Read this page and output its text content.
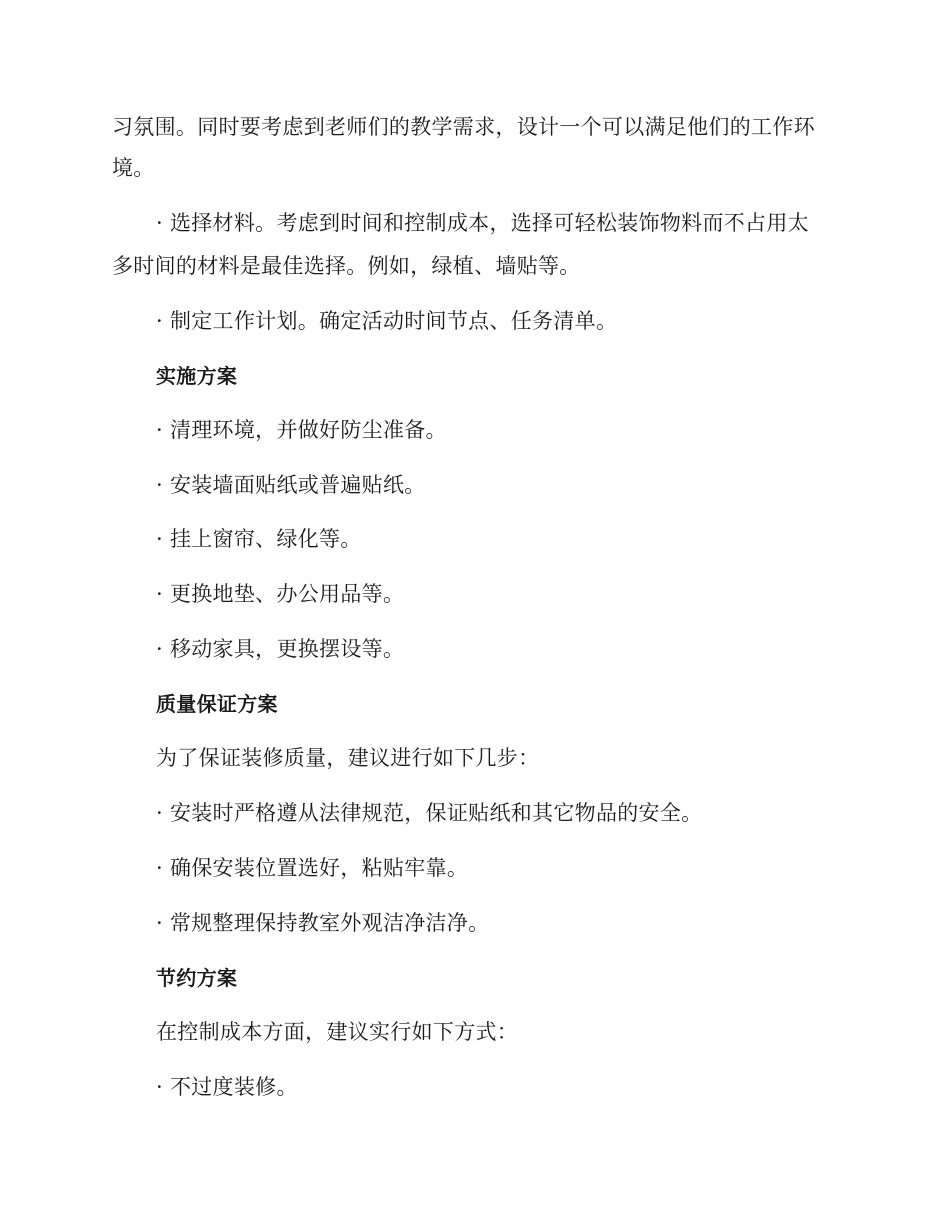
习氛围。同时要考虑到老师们的教学需求，设计一个可以满足他们的工作环
境。
· 选择材料。考虑到时间和控制成本，选择可轻松装饰物料而不占用太
多时间的材料是最佳选择。例如，绿植、墙贴等。
· 制定工作计划。确定活动时间节点、任务清单。
实施方案
· 清理环境，并做好防尘准备。
· 安装墙面贴纸或普遍贴纸。
· 挂上窗帘、绿化等。
· 更换地垫、办公用品等。
· 移动家具，更换摆设等。
质量保证方案
为了保证装修质量，建议进行如下几步：
· 安装时严格遵从法律规范，保证贴纸和其它物品的安全。
· 确保安装位置选好，粘贴牢靠。
· 常规整理保持教室外观洁净洁净。
节约方案
在控制成本方面，建议实行如下方式：
· 不过度装修。
